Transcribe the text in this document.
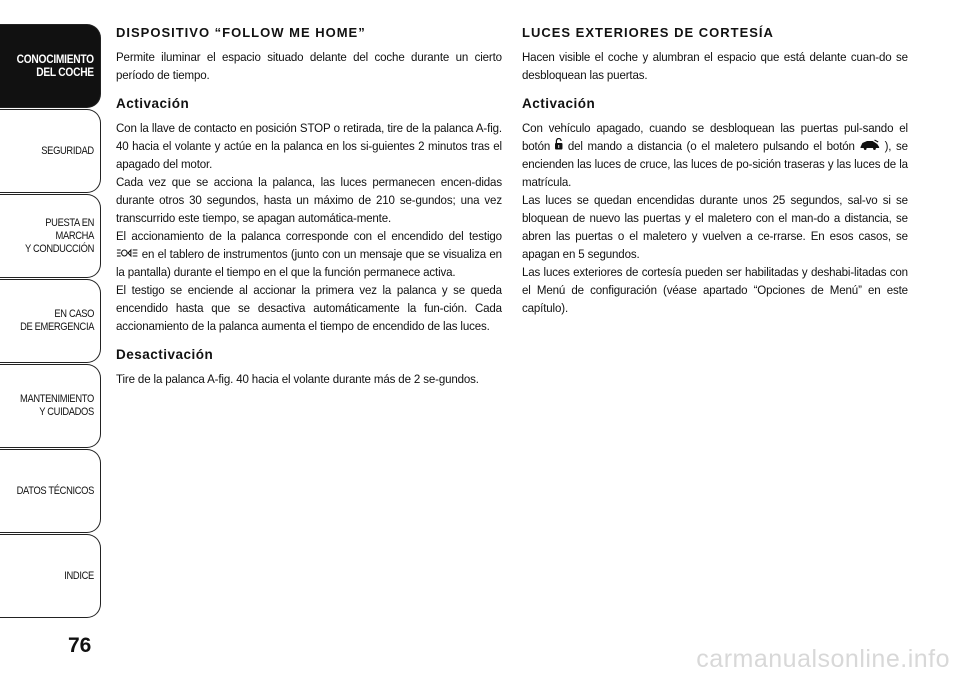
CONOCIMIENTO
DEL COCHE
SEGURIDAD
PUESTA EN MARCHA
Y CONDUCCIÓN
EN CASO
DE EMERGENCIA
MANTENIMIENTO
Y CUIDADOS
DATOS TÉCNICOS
INDICE
76
DISPOSITIVO “FOLLOW ME HOME”

Permite iluminar el espacio situado delante del coche durante un cierto período de tiempo.

Activación

Con la llave de contacto en posición STOP o retirada, tire de la palanca A-fig. 40 hacia el volante y actúe en la palanca en los si-guientes 2 minutos tras el apagado del motor.

Cada vez que se acciona la palanca, las luces permanecen encen-didas durante otros 30 segundos, hasta un máximo de 210 se-gundos; una vez transcurrido este tiempo, se apagan automática-mente.

El accionamiento de la palanca corresponde con el encendido del testigo  en el tablero de instrumentos (junto con un mensaje que se visualiza en la pantalla) durante el tiempo en el que la función permanece activa.

El testigo se enciende al accionar la primera vez la palanca y se queda encendido hasta que se desactiva automáticamente la fun-ción. Cada accionamiento de la palanca aumenta el tiempo de encendido de las luces.

Desactivación

Tire de la palanca A-fig. 40 hacia el volante durante más de 2 se-gundos.

LUCES EXTERIORES DE CORTESÍA

Hacen visible el coche y alumbran el espacio que está delante cuan-do se desbloquean las puertas.

Activación

Con vehículo apagado, cuando se desbloquean las puertas pul-sando el botón del mando a distancia (o el maletero pulsando el botón ), se encienden las luces de cruce, las luces de po-sición traseras y las luces de la matrícula.

Las luces se quedan encendidas durante unos 25 segundos, sal-vo si se bloquean de nuevo las puertas y el maletero con el man-do a distancia, se abren las puertas o el maletero y vuelven a ce-rrarse. En esos casos, se apagan en 5 segundos.

Las luces exteriores de cortesía pueden ser habilitadas y deshabi-litadas con el Menú de configuración (véase apartado “Opciones de Menú” en este capítulo).

carmanualsonline.info
